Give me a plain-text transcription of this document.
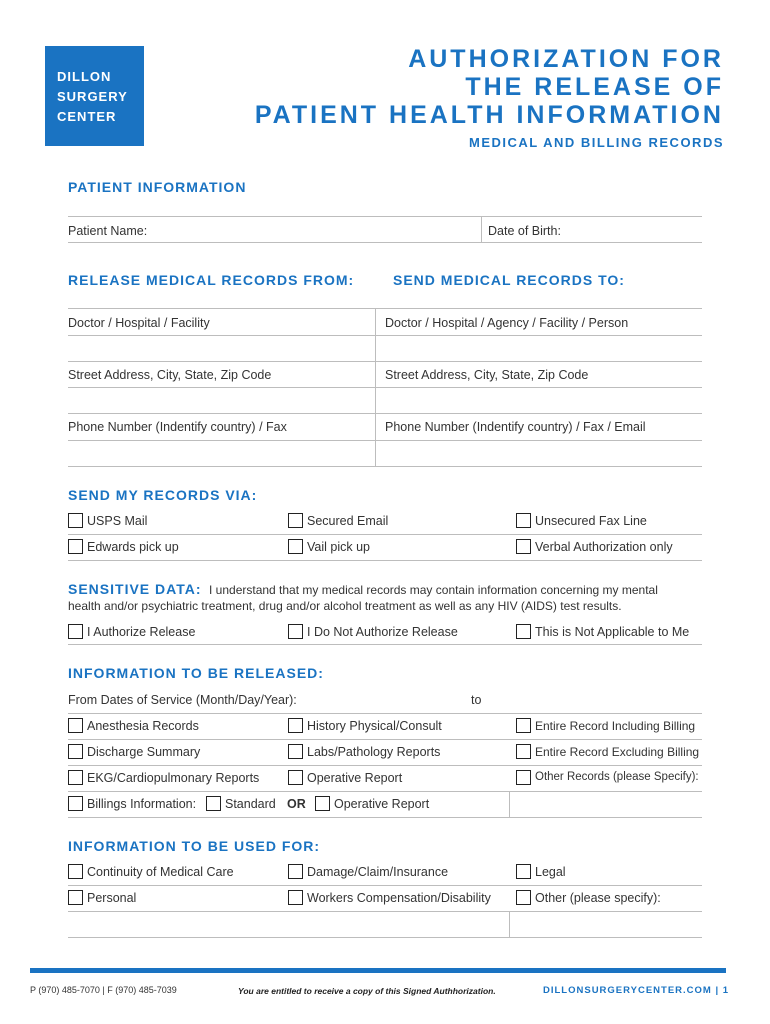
DILLON
SURGERY
CENTER
AUTHORIZATION FOR
THE RELEASE OF
PATIENT HEALTH INFORMATION
MEDICAL AND BILLING RECORDS
PATIENT INFORMATION
Patient Name:	Date of Birth:
RELEASE MEDICAL RECORDS FROM:	SEND MEDICAL RECORDS TO:
Doctor / Hospital / Facility	Doctor / Hospital / Agency / Facility / Person
Street Address, City, State, Zip Code	Street Address, City, State, Zip Code
Phone Number (Indentify country) / Fax	Phone Number (Indentify country) / Fax / Email
SEND MY RECORDS VIA:
USPS Mail	Secured Email	Unsecured Fax Line
Edwards pick up	Vail pick up	Verbal Authorization only
SENSITIVE DATA: I understand that my medical records may contain information concerning my mental
health and/or psychiatric treatment, drug and/or alcohol treatment as well as any HIV (AIDS) test results.
I Authorize Release	I Do Not Authorize Release	This is Not Applicable to Me
INFORMATION TO BE RELEASED:
From Dates of Service (Month/Day/Year):	to
Anesthesia Records	History Physical/Consult	Entire Record Including Billing
Discharge Summary	Labs/Pathology Reports	Entire Record Excluding Billing
EKG/Cardiopulmonary Reports	Operative Report	Other Records (please Specify):
Billings Information: Standard OR Operative Report
INFORMATION TO BE USED FOR:
Continuity of Medical Care	Damage/Claim/Insurance	Legal
Personal	Workers Compensation/Disability	Other (please specify):
P (970) 485-7070 | F (970) 485-7039	You are entitled to receive a copy of this Signed Authhorization.	DILLONSURGERYCENTER.COM | 1
